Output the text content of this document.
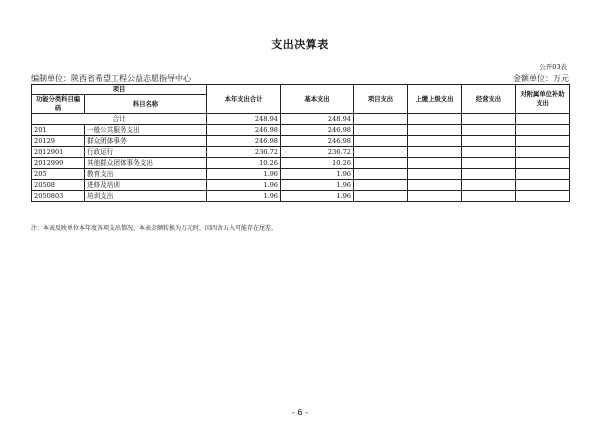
支出决算表
公开03表
编制单位：陕西省希望工程公益志愿指导中心	金额单位：万元
项目		本年支出合计	基本支出	项目支出	上缴上级支出	经营支出	对附属单位补助支出
功能分类科目编码	科目名称						

合计		248.94	248.94				
201	一般公共服务支出	246.98	246.98				
20129	群众团体事务	246.98	246.98				
2012901	行政运行	236.72	236.72				
2012999	其他群众团体事务支出	10.26	10.26				
205	教育支出	1.96	1.96				
20508	进修及培训	1.96	1.96				
2050803	培训支出	1.96	1.96				
注：本表反映单位本年度各项支出情况。本表金额转换为万元时，因四舍五入可能存在尾差。
- 6 -
